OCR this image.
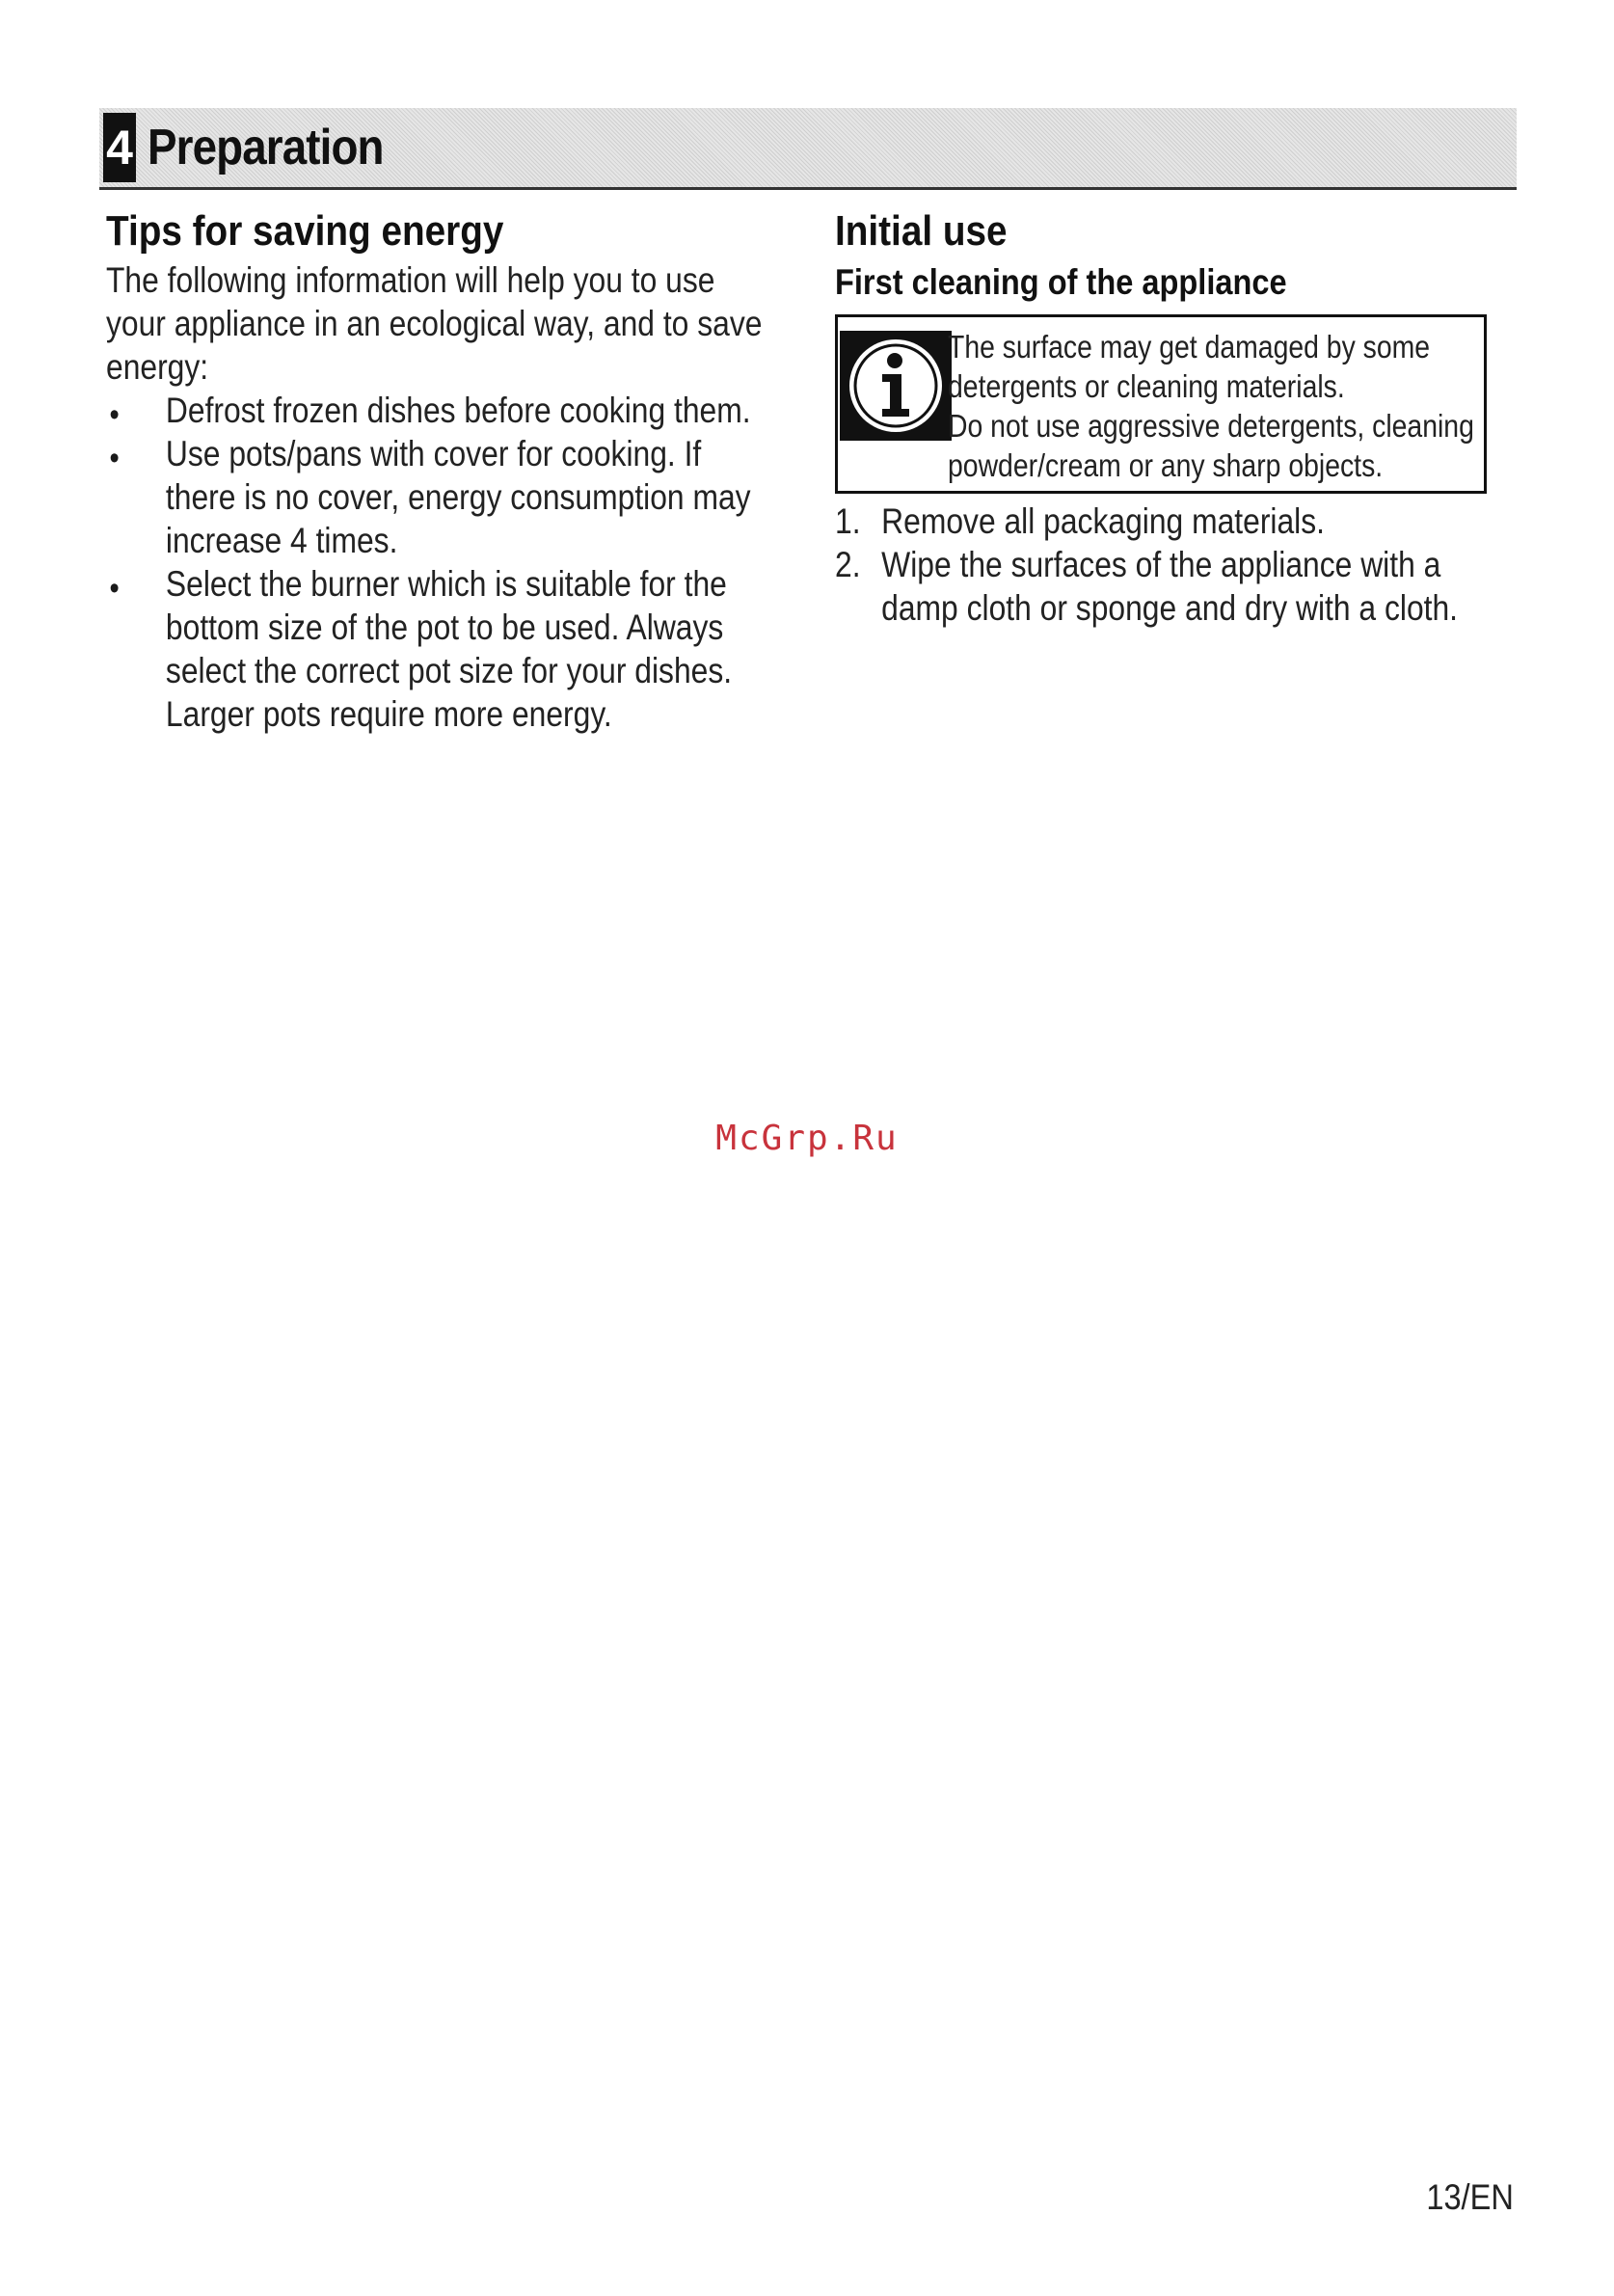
4 Preparation
Tips for saving energy

The following information will help you to use
your appliance in an ecological way, and to save
energy:

• Defrost frozen dishes before cooking them.
• Use pots/pans with cover for cooking. If
there is no cover, energy consumption may
increase 4 times.
• Select the burner which is suitable for the
bottom size of the pot to be used. Always
select the correct pot size for your dishes.
Larger pots require more energy.
Initial use
First cleaning of the appliance
The surface may get damaged by some
detergents or cleaning materials.
Do not use aggressive detergents, cleaning
powder/cream or any sharp objects.
1. Remove all packaging materials.
2. Wipe the surfaces of the appliance with a
damp cloth or sponge and dry with a cloth.
McGrp.Ru
13/EN
